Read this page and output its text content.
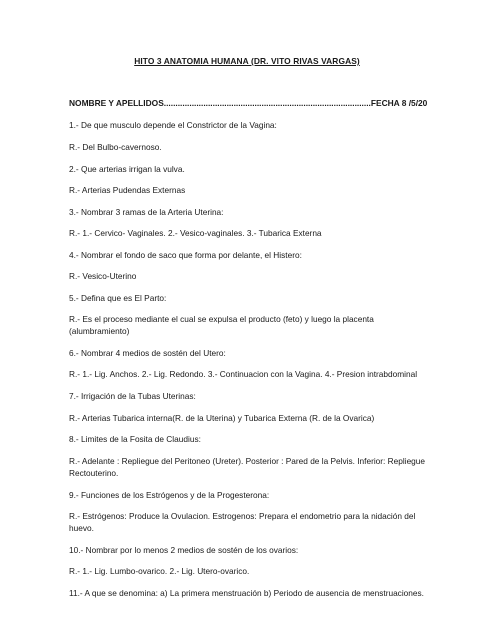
HITO 3 ANATOMIA HUMANA (DR. VITO RIVAS VARGAS)
NOMBRE Y APELLIDOS.........................................................................................FECHA 8 /5/20
1.- De que musculo depende el Constrictor de la Vagina:
R.- Del Bulbo-cavernoso.
2.- Que arterias irrigan la vulva.
R.- Arterias Pudendas Externas
3.- Nombrar 3 ramas de la Arteria Uterina:
R.- 1.- Cervico- Vaginales. 2.- Vesico-vaginales. 3.- Tubarica Externa
4.- Nombrar el fondo de saco que forma por delante, el Histero:
R.- Vesico-Uterino
5.- Defina que es El Parto:
R.- Es el proceso mediante el cual se expulsa el producto (feto) y luego la placenta (alumbramiento)
6.- Nombrar 4 medios de sostén del Utero:
R.- 1.- Lig. Anchos. 2.- Lig. Redondo. 3.- Continuacion con la Vagina. 4.- Presion intrabdominal
7.- Irrigación de la Tubas Uterinas:
R.- Arterias Tubarica interna(R. de la Uterina) y Tubarica Externa (R. de la Ovarica)
8.- Limites de la Fosita de Claudius:
R.- Adelante : Repliegue del Peritoneo (Ureter). Posterior : Pared de la Pelvis. Inferior: Repliegue Rectouterino.
9.- Funciones de los Estrógenos y de la Progesterona:
R.- Estrógenos: Produce la Ovulacion. Estrogenos: Prepara el endometrio para la nidación del huevo.
10.- Nombrar por lo menos 2 medios de sostén de los ovarios:
R.- 1.- Lig. Lumbo-ovarico. 2.- Lig. Utero-ovarico.
11.- A que se denomina: a) La primera menstruación b) Periodo de ausencia de menstruaciones.
